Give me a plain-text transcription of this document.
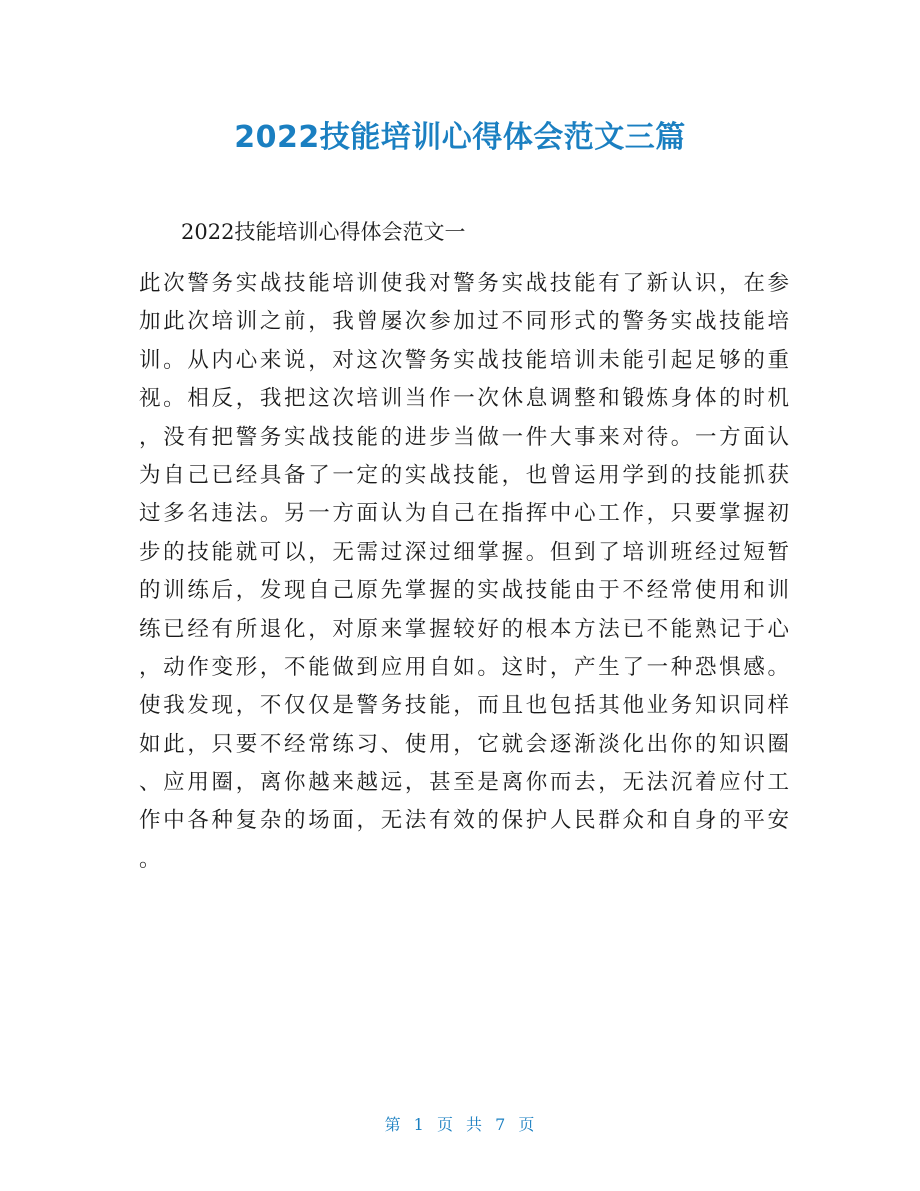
2022技能培训心得体会范文三篇
2022技能培训心得体会范文一
此次警务实战技能培训使我对警务实战技能有了新认识，在参
加此次培训之前，我曾屡次参加过不同形式的警务实战技能培
训。从内心来说，对这次警务实战技能培训未能引起足够的重
视。相反，我把这次培训当作一次休息调整和锻炼身体的时机
，没有把警务实战技能的进步当做一件大事来对待。一方面认
为自己已经具备了一定的实战技能，也曾运用学到的技能抓获
过多名违法。另一方面认为自己在指挥中心工作，只要掌握初
步的技能就可以，无需过深过细掌握。但到了培训班经过短暂
的训练后，发现自己原先掌握的实战技能由于不经常使用和训
练已经有所退化，对原来掌握较好的根本方法已不能熟记于心
，动作变形，不能做到应用自如。这时，产生了一种恐惧感。
使我发现，不仅仅是警务技能，而且也包括其他业务知识同样
如此，只要不经常练习、使用，它就会逐渐淡化出你的知识圈
、应用圈，离你越来越远，甚至是离你而去，无法沉着应付工
作中各种复杂的场面，无法有效的保护人民群众和自身的平安
。
第 1 页 共 7 页
